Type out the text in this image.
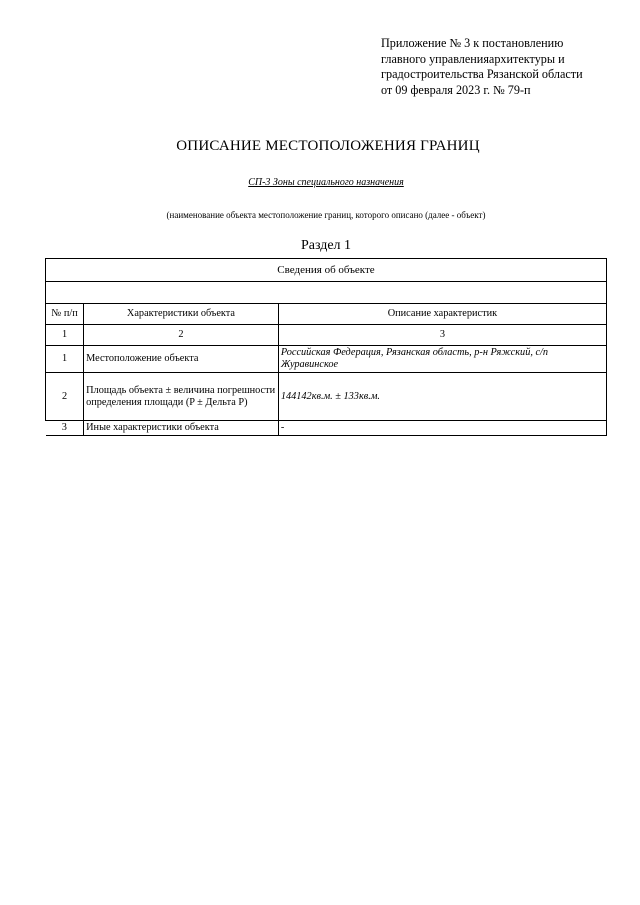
Приложение № 3 к постановлению
главного управленияархитектуры и
градостроительства Рязанской области
от 09 февраля 2023 г. № 79-п
ОПИСАНИЕ МЕСТОПОЛОЖЕНИЯ ГРАНИЦ
СП-3 Зоны специального назначения
(наименование объекта местоположение границ, которого описано (далее - объект)
Раздел 1
Сведения об объекте		

№ п/п	Характеристики объекта	Описание характеристик
1	2	3
1	Местоположение объекта	Российская Федерация, Рязанская область, р-н Ряжский, с/п Журавинское
2	Площадь объекта ± величина погрешности определения площади (P ± Дельта P)	144142кв.м. ± 133кв.м.
3	Иные характеристики объекта	-
